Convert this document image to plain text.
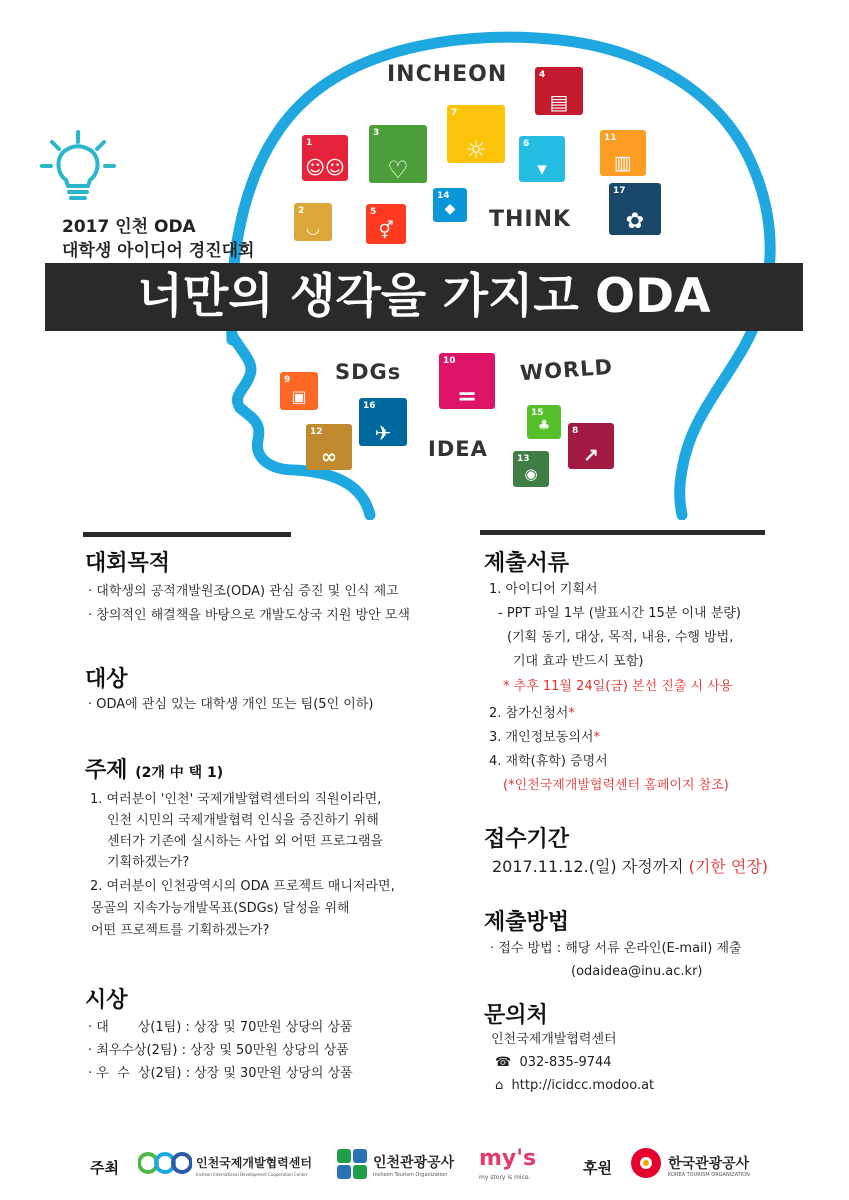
2017 인천 ODA
대학생 아이디어 경진대회
너만의 생각을 가지고 ODA
INCHEON
THINK
SDGs	WORLD
IDEA
1
☺☺
2
◡
3
♡
4
▤
5
⚥
6
▾
7
☼
8
↗
9
▣
10
=
11
▥
12
∞	13
◉
14
◆
15
♣
16
✈
17
✿
대회목적
· 대학생의 공적개발원조(ODA) 관심 증진 및 인식 제고
· 창의적인 해결책을 바탕으로 개발도상국 지원 방안 모색
대상
· ODA에 관심 있는 대학생 개인 또는 팀(5인 이하)
주제 (2개 中 택 1)
1. 여러분이 '인천' 국제개발협력센터의 직원이라면,
인천 시민의 국제개발협력 인식을 증진하기 위해
센터가 기존에 실시하는 사업 외 어떤 프로그램을
기획하겠는가?
2. 여러분이 인천광역시의 ODA 프로젝트 매니저라면,
몽골의 지속가능개발목표(SDGs) 달성을 위해
어떤 프로젝트를 기획하겠는가?
시상
· 대       상(1팀) : 상장 및 70만원 상당의 상품
· 최우수상(2팀) : 상장 및 50만원 상당의 상품
· 우  수  상(2팀) : 상장 및 30만원 상당의 상품
제출서류
1. 아이디어 기획서
- PPT 파일 1부 (발표시간 15분 이내 분량)
(기획 동기, 대상, 목적, 내용, 수행 방법,
기대 효과 반드시 포함)
* 추후 11월 24일(금) 본선 진출 시 사용
2. 참가신청서*
3. 개인정보동의서*
4. 재학(휴학) 증명서
(*인천국제개발협력센터 홈페이지 참조)
접수기간
2017.11.12.(일) 자정까지 (기한 연장)
제출방법
· 접수 방법 : 해당 서류 온라인(E-mail) 제출
(odaidea@inu.ac.kr)
문의처
인천국제개발협력센터
☎ 032-835-9744
⌂ http://icidcc.modoo.at
주최	인천국제개발협력센터
Incheon International Development Cooperation Center
인천관광공사
Incheon Tourism Organization
my's
my story is mice.
후원	한국관광공사
KOREA TOURISM ORGANIZATION
